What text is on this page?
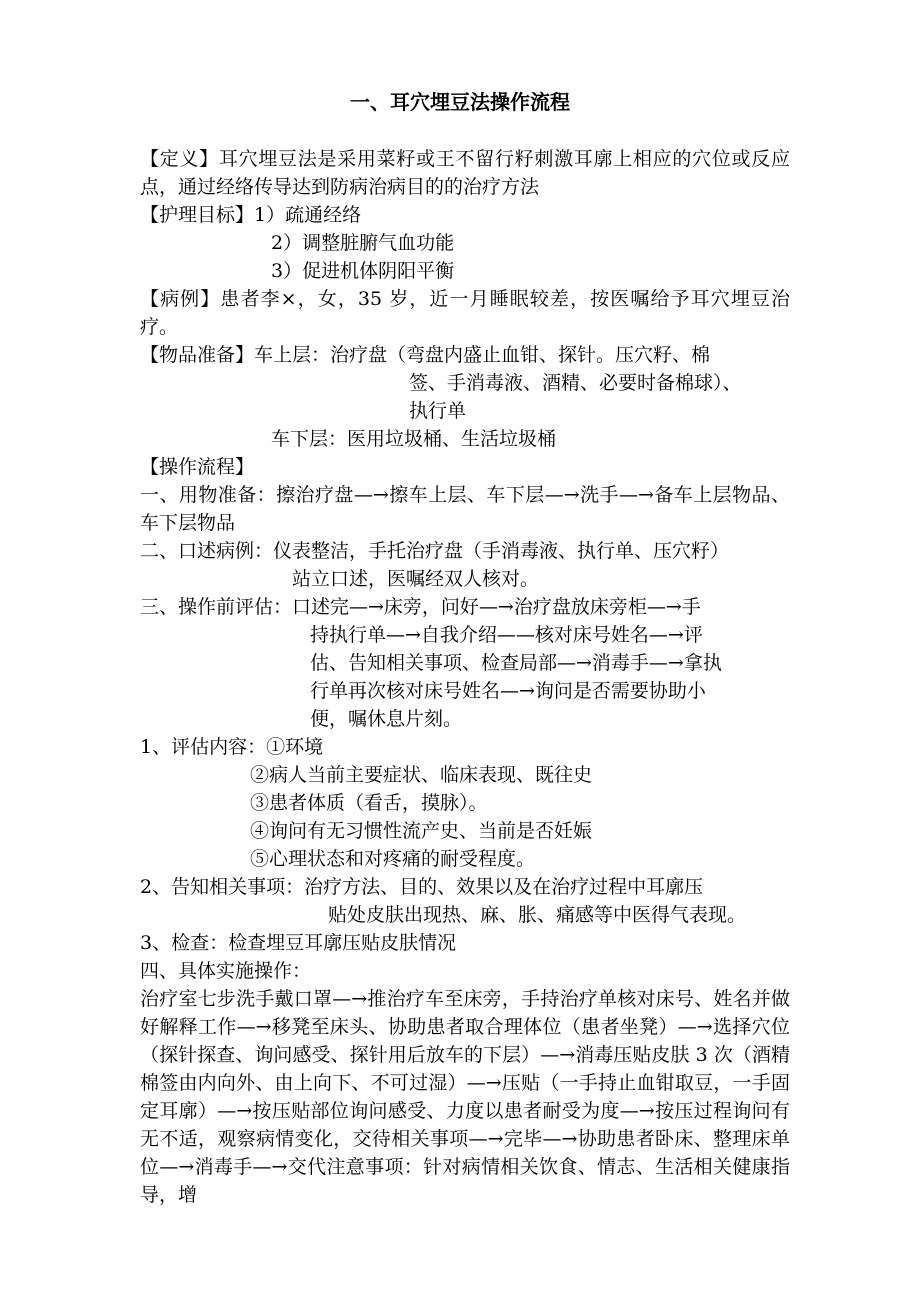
一、耳穴埋豆法操作流程
【定义】耳穴埋豆法是采用菜籽或王不留行籽刺激耳廓上相应的穴位或反应点，通过经络传导达到防病治病目的的治疗方法
【护理目标】1）疏通经络
2）调整脏腑气血功能
3）促进机体阴阳平衡
【病例】患者李×，女，35 岁，近一月睡眠较差，按医嘱给予耳穴埋豆治疗。
【物品准备】车上层：治疗盘（弯盘内盛止血钳、探针。压穴籽、棉
签、手消毒液、酒精、必要时备棉球）、
执行单
车下层：医用垃圾桶、生活垃圾桶
【操作流程】
一、用物准备：擦治疗盘—→擦车上层、车下层—→洗手—→备车上层物品、车下层物品
二、口述病例：仪表整洁，手托治疗盘（手消毒液、执行单、压穴籽）
站立口述，医嘱经双人核对。
三、操作前评估：口述完—→床旁，问好—→治疗盘放床旁柜—→手
持执行单—→自我介绍——核对床号姓名—→评
估、告知相关事项、检查局部—→消毒手—→拿执
行单再次核对床号姓名—→询问是否需要协助小
便，嘱休息片刻。
1、评估内容：①环境
②病人当前主要症状、临床表现、既往史
③患者体质（看舌，摸脉）。
④询问有无习惯性流产史、当前是否妊娠
⑤心理状态和对疼痛的耐受程度。
2、告知相关事项：治疗方法、目的、效果以及在治疗过程中耳廓压
贴处皮肤出现热、麻、胀、痛感等中医得气表现。
3、检查：检查埋豆耳廓压贴皮肤情况
四、具体实施操作：
治疗室七步洗手戴口罩—→推治疗车至床旁，手持治疗单核对床号、姓名并做好解释工作—→移凳至床头、协助患者取合理体位（患者坐凳）—→选择穴位（探针探查、询问感受、探针用后放车的下层）—→消毒压贴皮肤 3 次（酒精棉签由内向外、由上向下、不可过湿）—→压贴（一手持止血钳取豆，一手固定耳廓）—→按压贴部位询问感受、力度以患者耐受为度—→按压过程询问有无不适，观察病情变化，交待相关事项—→完毕—→协助患者卧床、整理床单位—→消毒手—→交代注意事项：针对病情相关饮食、情志、生活相关健康指导，增
